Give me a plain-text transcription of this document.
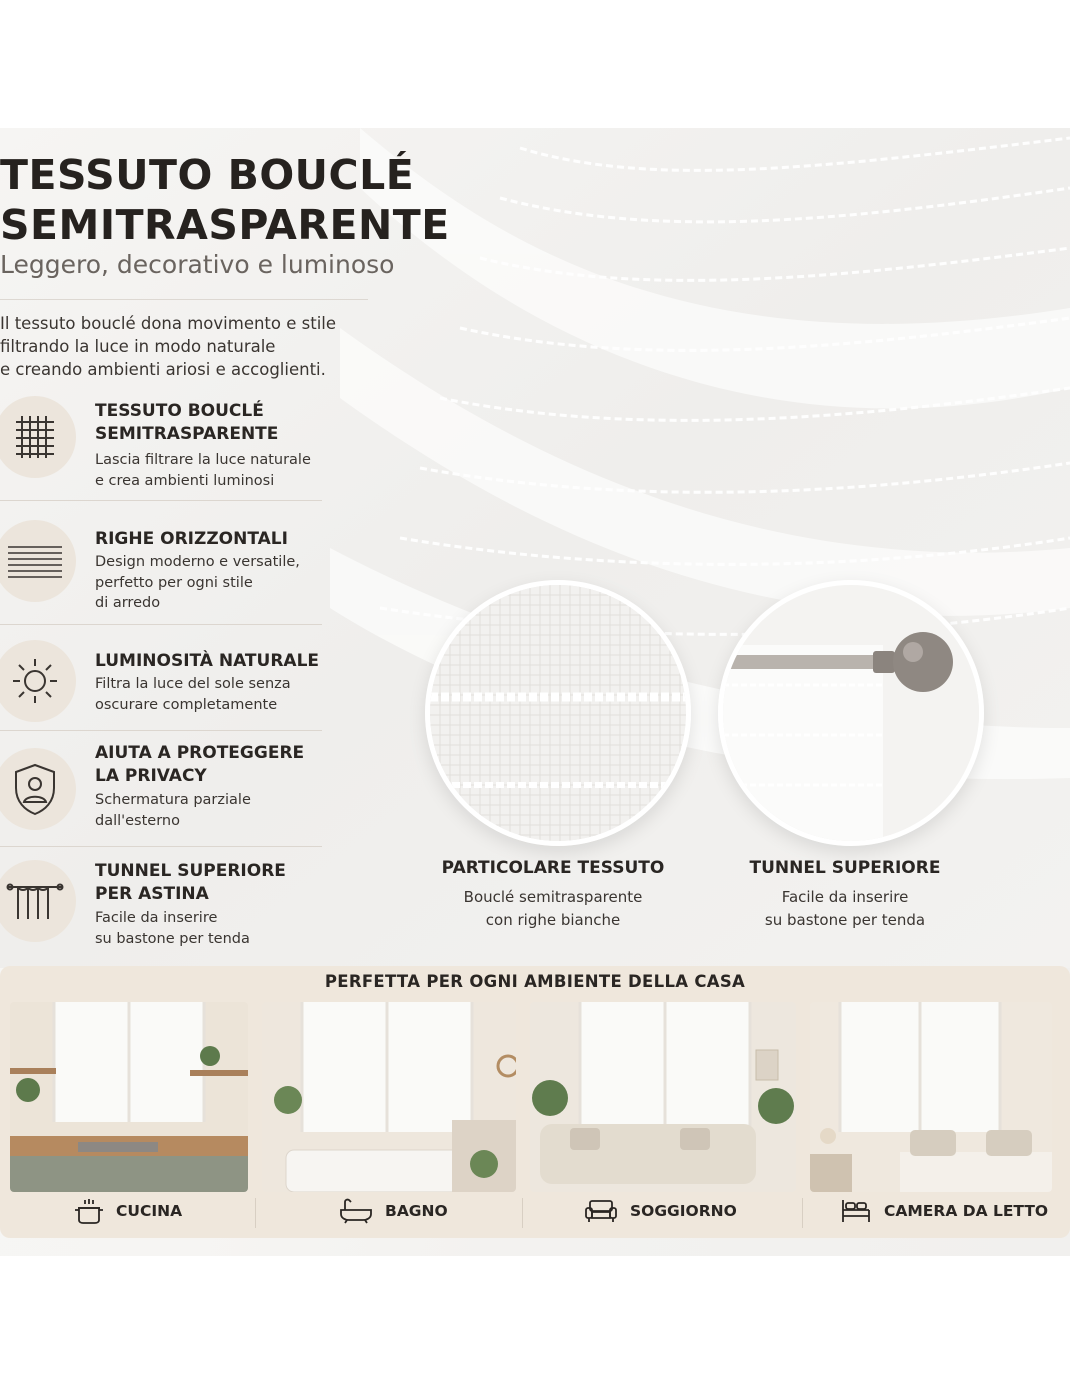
TESSUTO BOUCLÉ
SEMITRASPARENTE

Leggero, decorativo e luminoso

Il tessuto bouclé dona movimento e stile
filtrando la luce in modo naturale
e creando ambienti ariosi e accoglienti.

TESSUTO BOUCLÉ
SEMITRASPARENTE

Lascia filtrare la luce naturale
e crea ambienti luminosi

RIGHE ORIZZONTALI

Design moderno e versatile,
perfetto per ogni stile
di arredo

LUMINOSITÀ NATURALE

Filtra la luce del sole senza
oscurare completamente

AIUTA A PROTEGGERE
LA PRIVACY

Schermatura parziale
dall'esterno

TUNNEL SUPERIORE
PER ASTINA

Facile da inserire
su bastone per tenda

PARTICOLARE TESSUTO

Bouclé semitrasparente
con righe bianche

TUNNEL SUPERIORE

Facile da inserire
su bastone per tenda

PERFETTA PER OGNI AMBIENTE DELLA CASA

CUCINA	BAGNO	SOGGIORNO	CAMERA DA LETTO
